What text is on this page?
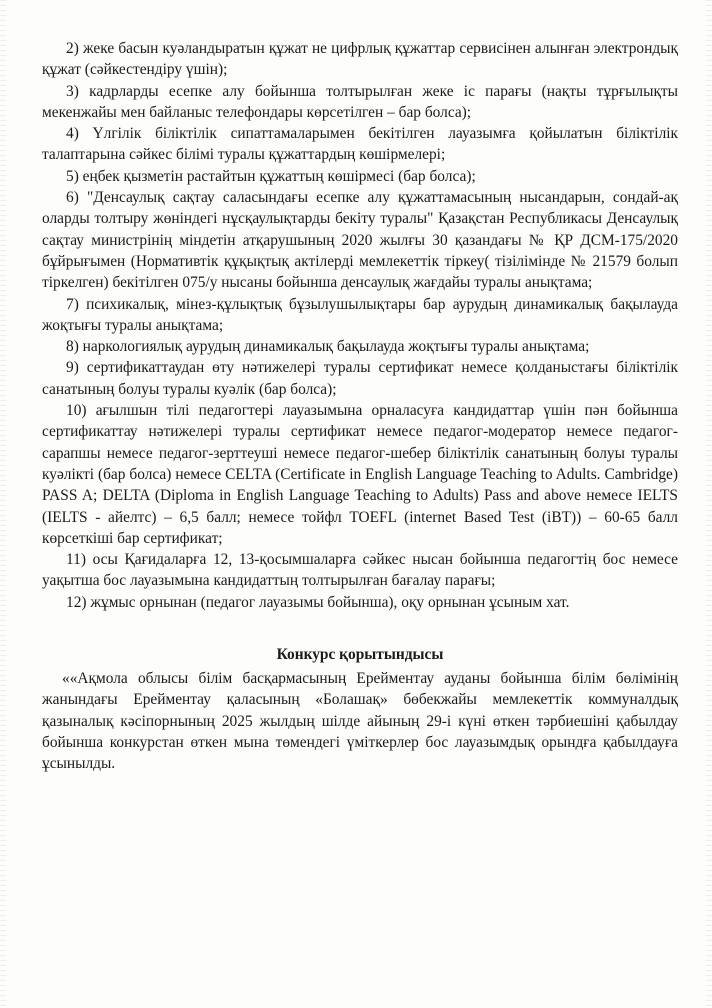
2) жеке басын куәландыратын құжат не цифрлық құжаттар сервисінен алынған электрондық құжат (сәйкестендіру үшін);

3) кадрларды есепке алу бойынша толтырылған жеке іс парағы (нақты тұрғылықты мекенжайы мен байланыс телефондары көрсетілген – бар болса);

4) Үлгілік біліктілік сипаттамаларымен бекітілген лауазымға қойылатын біліктілік талаптарына сәйкес білімі туралы құжаттардың көшірмелері;

5) еңбек қызметін растайтын құжаттың көшірмесі (бар болса);

6) "Денсаулық сақтау саласындағы есепке алу құжаттамасының нысандарын, сондай-ақ оларды толтыру жөніндегі нұсқаулықтарды бекіту туралы" Қазақстан Республикасы Денсаулық сақтау министрінің міндетін атқарушының 2020 жылғы 30 қазандағы № ҚР ДСМ-175/2020 бұйрығымен (Нормативтік құқықтық актілерді мемлекеттік тіркеу( тізілімінде № 21579 болып тіркелген) бекітілген 075/у нысаны бойынша денсаулық жағдайы туралы анықтама;

7) психикалық, мінез-құлықтық бұзылушылықтары бар аурудың динамикалық бақылауда жоқтығы туралы анықтама;

8) наркологиялық аурудың динамикалық бақылауда жоқтығы туралы анықтама;

9) сертификаттаудан өту нәтижелері туралы сертификат немесе қолданыстағы біліктілік санатының болуы туралы куәлік (бар болса);

10) ағылшын тілі педагогтері лауазымына орналасуға кандидаттар үшін пән бойынша сертификаттау нәтижелері туралы сертификат немесе педагог-модератор немесе педагог-сарапшы немесе педагог-зерттеуші немесе педагог-шебер біліктілік санатының болуы туралы куәлікті (бар болса) немесе CELTA (Certificate in English Language Teaching to Adults. Cambridge) PASS A; DELTA (Diploma in English Language Teaching to Adults) Pass and above немесе IELTS (IELTS - айелтс) – 6,5 балл; немесе тойфл TOEFL (internet Based Test (iBT)) – 60-65 балл көрсеткіші бар сертификат;

11) осы Қағидаларға 12, 13-қосымшаларға сәйкес нысан бойынша педагогтің бос немесе уақытша бос лауазымына кандидаттың толтырылған бағалау парағы;

12) жұмыс орнынан (педагог лауазымы бойынша), оқу орнынан ұсыным хат.

Конкурс қорытындысы

««Ақмола облысы білім басқармасының Ерейментау ауданы бойынша білім бөлімінің жанындағы Ерейментау қаласының «Болашақ» бөбекжайы мемлекеттік коммуналдық қазыналық кәсіпорнының 2025 жылдың шілде айының 29-і күні өткен тәрбиешіні қабылдау бойынша конкурстан өткен мына төмендегі үміткерлер бос лауазымдық орындға қабылдауға ұсынылды.
